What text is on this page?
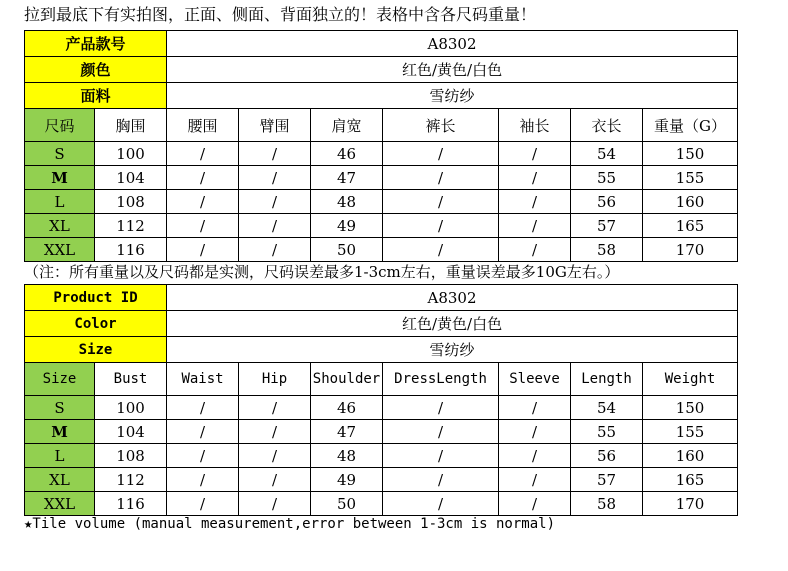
拉到最底下有实拍图，正面、侧面、背面独立的！表格中含各尺码重量！
产品款号		A8302						
颜色		红色/黄色/白色						
面料		雪纺纱						
尺码	胸围	腰围	臂围	肩宽	裤长	袖长	衣长	重量（G）
S	100	/	/	46	/	/	54	150
M	104	/	/	47	/	/	55	155
L	108	/	/	48	/	/	56	160
XL	112	/	/	49	/	/	57	165
XXL	116	/	/	50	/	/	58	170
（注：所有重量以及尺码都是实测，尺码误差最多1-3cm左右，重量误差最多10G左右。）
Product ID		A8302						
Color		红色/黄色/白色						
Size		雪纺纱						
Size	Bust	Waist	Hip	Shoulder	DressLength	Sleeve	Length	Weight
S	100	/	/	46	/	/	54	150
M	104	/	/	47	/	/	55	155
L	108	/	/	48	/	/	56	160
XL	112	/	/	49	/	/	57	165
XXL	116	/	/	50	/	/	58	170
★Tile volume (manual measurement,error between 1-3cm is normal)
